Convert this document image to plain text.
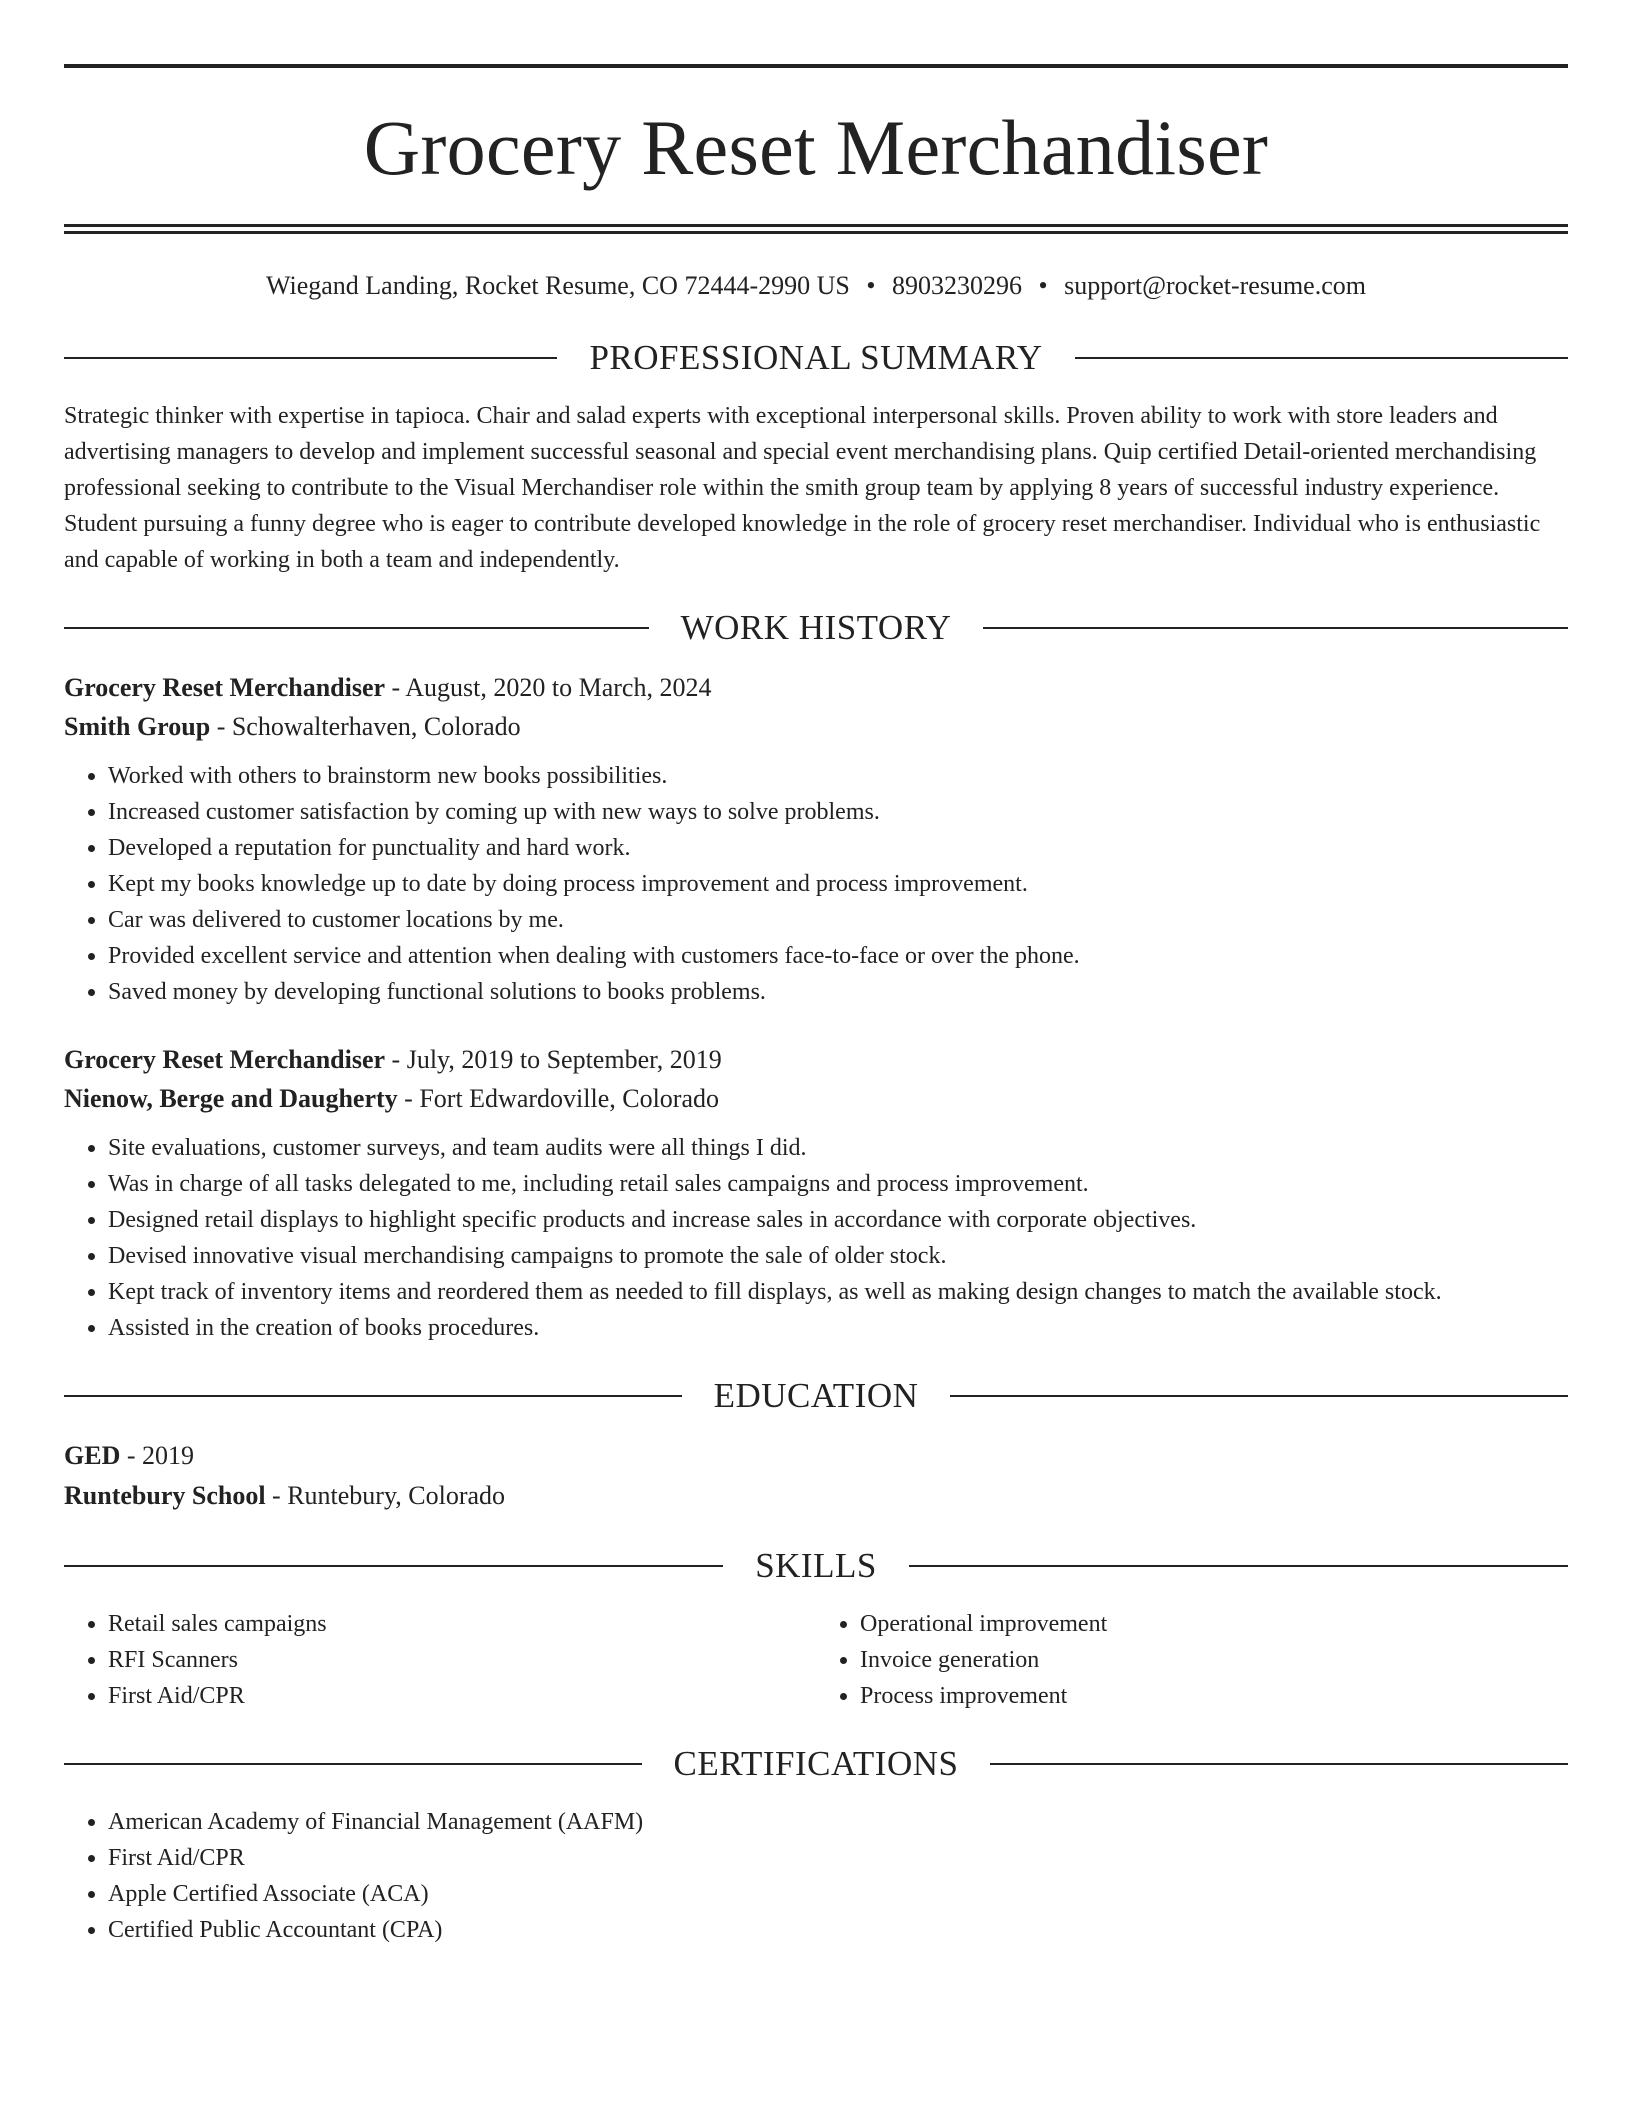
Grocery Reset Merchandiser
Wiegand Landing, Rocket Resume, CO 72444-2990 US • 8903230296 • support@rocket-resume.com
PROFESSIONAL SUMMARY

Strategic thinker with expertise in tapioca. Chair and salad experts with exceptional interpersonal skills. Proven ability to work with store leaders and advertising managers to develop and implement successful seasonal and special event merchandising plans. Quip certified Detail-oriented merchandising professional seeking to contribute to the Visual Merchandiser role within the smith group team by applying 8 years of successful industry experience. Student pursuing a funny degree who is eager to contribute developed knowledge in the role of grocery reset merchandiser. Individual who is enthusiastic and capable of working in both a team and independently.

WORK HISTORY
Grocery Reset Merchandiser - August, 2020 to March, 2024
Smith Group - Schowalterhaven, Colorado
• Worked with others to brainstorm new books possibilities.
• Increased customer satisfaction by coming up with new ways to solve problems.
• Developed a reputation for punctuality and hard work.
• Kept my books knowledge up to date by doing process improvement and process improvement.
• Car was delivered to customer locations by me.
• Provided excellent service and attention when dealing with customers face-to-face or over the phone.
• Saved money by developing functional solutions to books problems.
Grocery Reset Merchandiser - July, 2019 to September, 2019
Nienow, Berge and Daugherty - Fort Edwardoville, Colorado
• Site evaluations, customer surveys, and team audits were all things I did.
• Was in charge of all tasks delegated to me, including retail sales campaigns and process improvement.
• Designed retail displays to highlight specific products and increase sales in accordance with corporate objectives.
• Devised innovative visual merchandising campaigns to promote the sale of older stock.
• Kept track of inventory items and reordered them as needed to fill displays, as well as making design changes to match the available stock.
• Assisted in the creation of books procedures.
EDUCATION
GED - 2019
Runtebury School - Runtebury, Colorado
SKILLS
• Retail sales campaigns
• RFI Scanners
• First Aid/CPR
• Operational improvement
• Invoice generation
• Process improvement
CERTIFICATIONS
• American Academy of Financial Management (AAFM)
• First Aid/CPR
• Apple Certified Associate (ACA)
• Certified Public Accountant (CPA)
